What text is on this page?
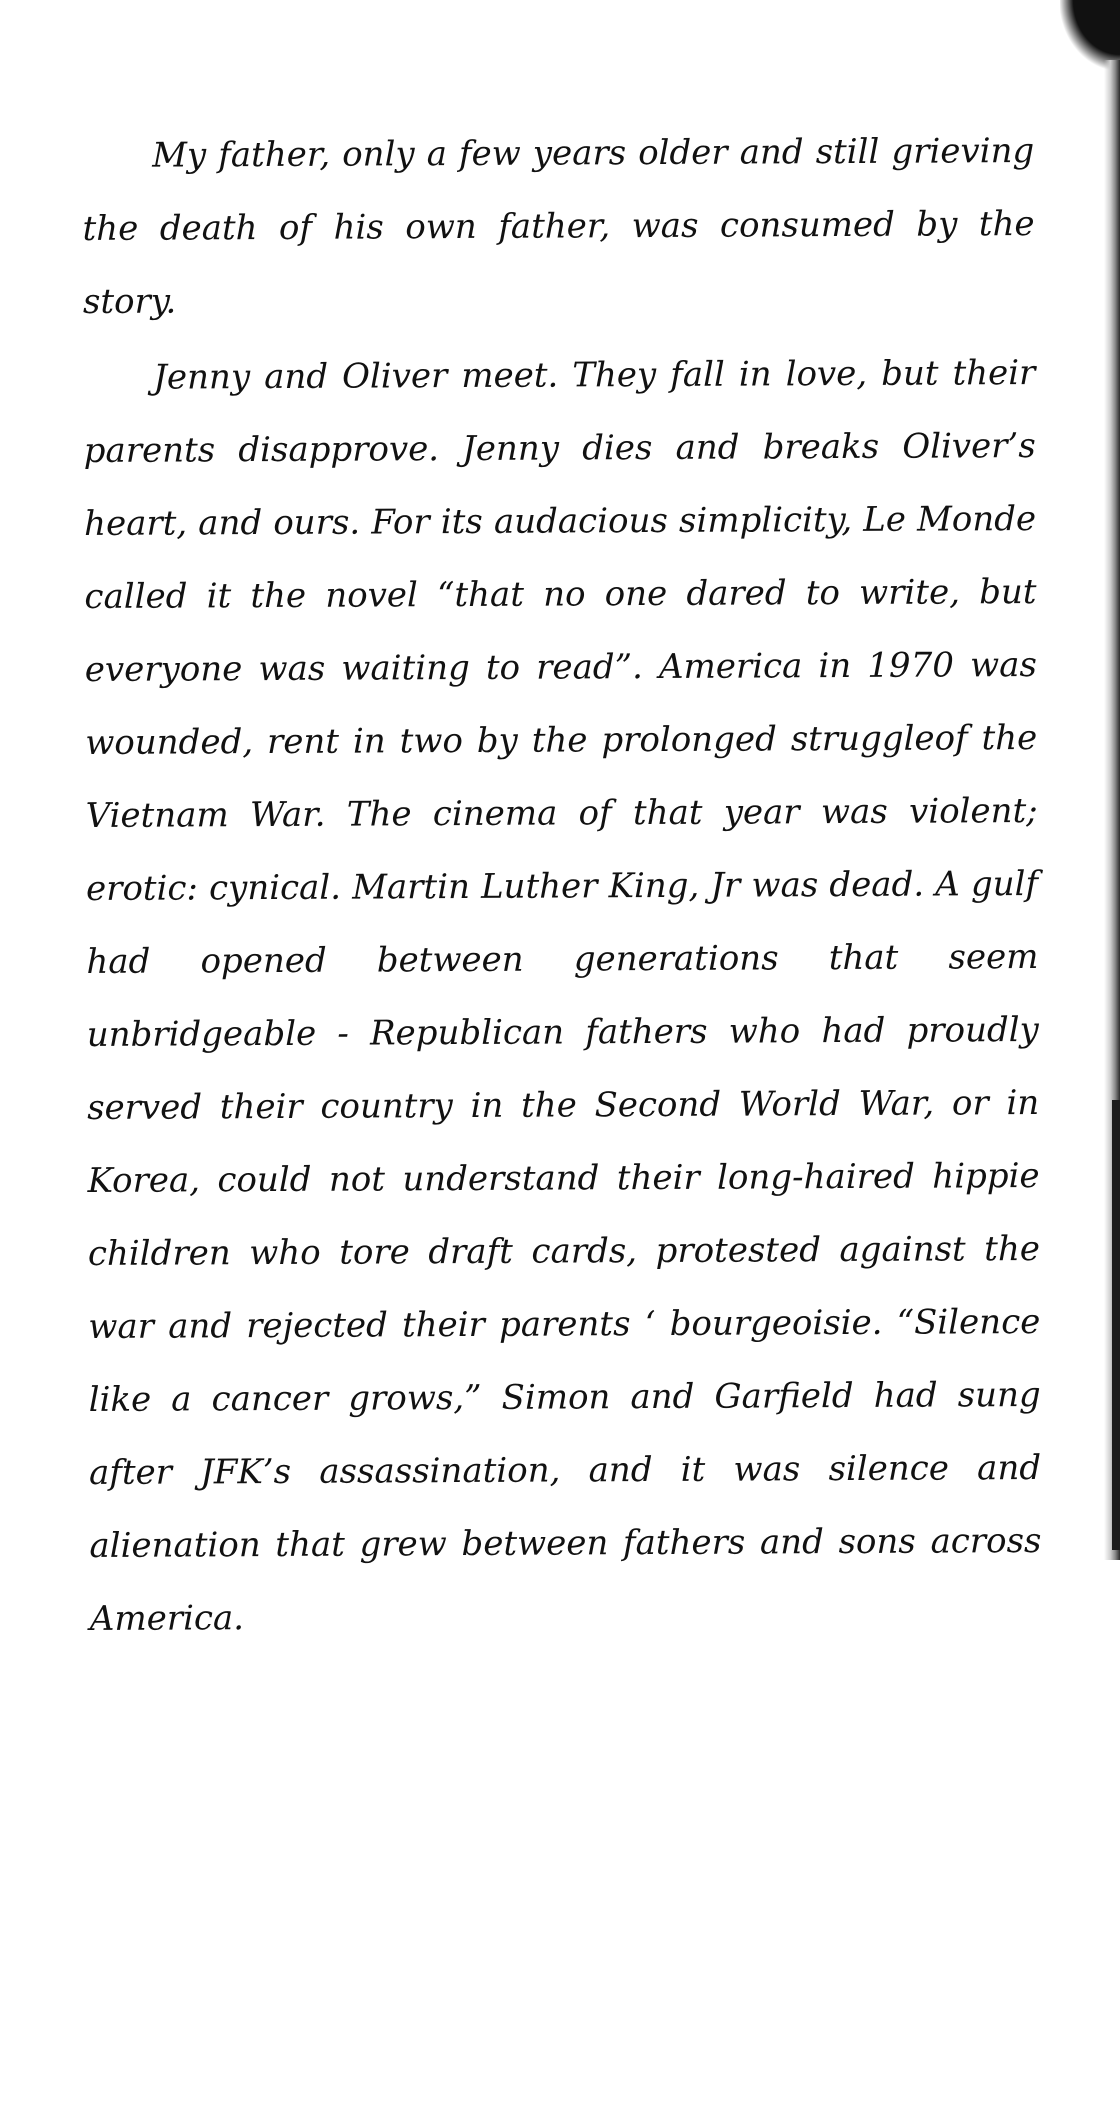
My father, only a few years older and still grieving the death of his own father, was consumed by the story.

Jenny and Oliver meet. They fall in love, but their parents disapprove. Jenny dies and breaks Oliver’s heart, and ours. For its audacious simplicity, Le Monde called it the novel “that no one dared to write, but everyone was waiting to read”. America in 1970 was wounded, rent in two by the prolonged struggleof the Vietnam War. The cinema of that year was violent; erotic: cynical. Martin Luther King, Jr was dead. A gulf had opened between generations that seem unbridgeable - Republican fathers who had proudly served their country in the Second World War, or in Korea, could not understand their long-haired hippie children who tore draft cards, protested against the war and rejected their parents ‘ bourgeoisie. “Silence like a cancer grows,” Simon and Garfield had sung after JFK’s assassination, and it was silence and alienation that grew between fathers and sons across America.
